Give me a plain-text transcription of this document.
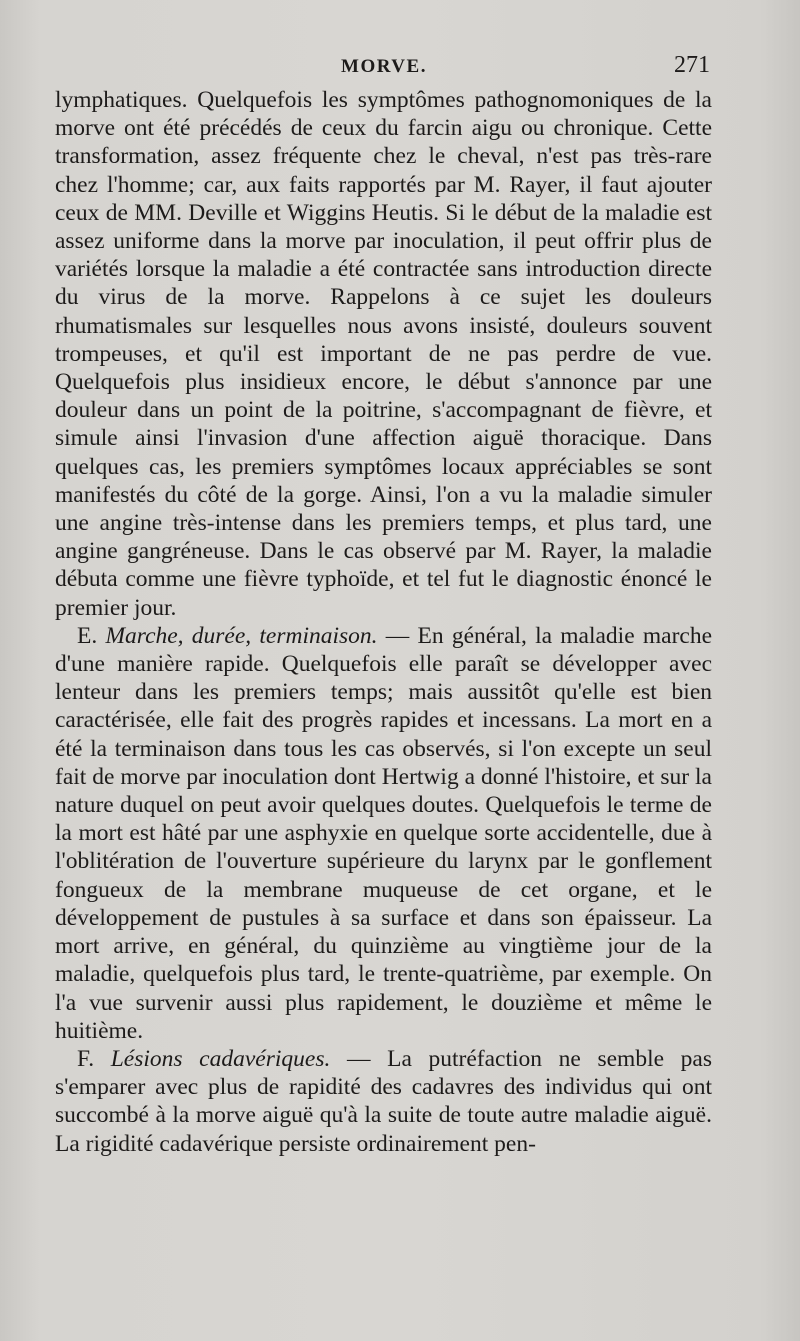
MORVE.	271

lymphatiques. Quelquefois les symptômes pathognomoniques de la morve ont été précédés de ceux du farcin aigu ou chronique. Cette transformation, assez fréquente chez le cheval, n'est pas très-rare chez l'homme; car, aux faits rapportés par M. Rayer, il faut ajouter ceux de MM. Deville et Wiggins Heutis. Si le début de la maladie est assez uniforme dans la morve par inoculation, il peut offrir plus de variétés lorsque la maladie a été contractée sans introduction directe du virus de la morve. Rappelons à ce sujet les douleurs rhumatismales sur lesquelles nous avons insisté, douleurs souvent trompeuses, et qu'il est important de ne pas perdre de vue. Quelquefois plus insidieux encore, le début s'annonce par une douleur dans un point de la poitrine, s'accompagnant de fièvre, et simule ainsi l'invasion d'une affection aiguë thoracique. Dans quelques cas, les premiers symptômes locaux appréciables se sont manifestés du côté de la gorge. Ainsi, l'on a vu la maladie simuler une angine très-intense dans les premiers temps, et plus tard, une angine gangréneuse. Dans le cas observé par M. Rayer, la maladie débuta comme une fièvre typhoïde, et tel fut le diagnostic énoncé le premier jour.

E. Marche, durée, terminaison. — En général, la maladie marche d'une manière rapide. Quelquefois elle paraît se développer avec lenteur dans les premiers temps; mais aussitôt qu'elle est bien caractérisée, elle fait des progrès rapides et incessans. La mort en a été la terminaison dans tous les cas observés, si l'on excepte un seul fait de morve par inoculation dont Hertwig a donné l'histoire, et sur la nature duquel on peut avoir quelques doutes. Quelquefois le terme de la mort est hâté par une asphyxie en quelque sorte accidentelle, due à l'oblitération de l'ouverture supérieure du larynx par le gonflement fongueux de la membrane muqueuse de cet organe, et le développement de pustules à sa surface et dans son épaisseur. La mort arrive, en général, du quinzième au vingtième jour de la maladie, quelquefois plus tard, le trente-quatrième, par exemple. On l'a vue survenir aussi plus rapidement, le douzième et même le huitième.

F. Lésions cadavériques. — La putréfaction ne semble pas s'emparer avec plus de rapidité des cadavres des individus qui ont succombé à la morve aiguë qu'à la suite de toute autre maladie aiguë. La rigidité cadavérique persiste ordinairement pen-
